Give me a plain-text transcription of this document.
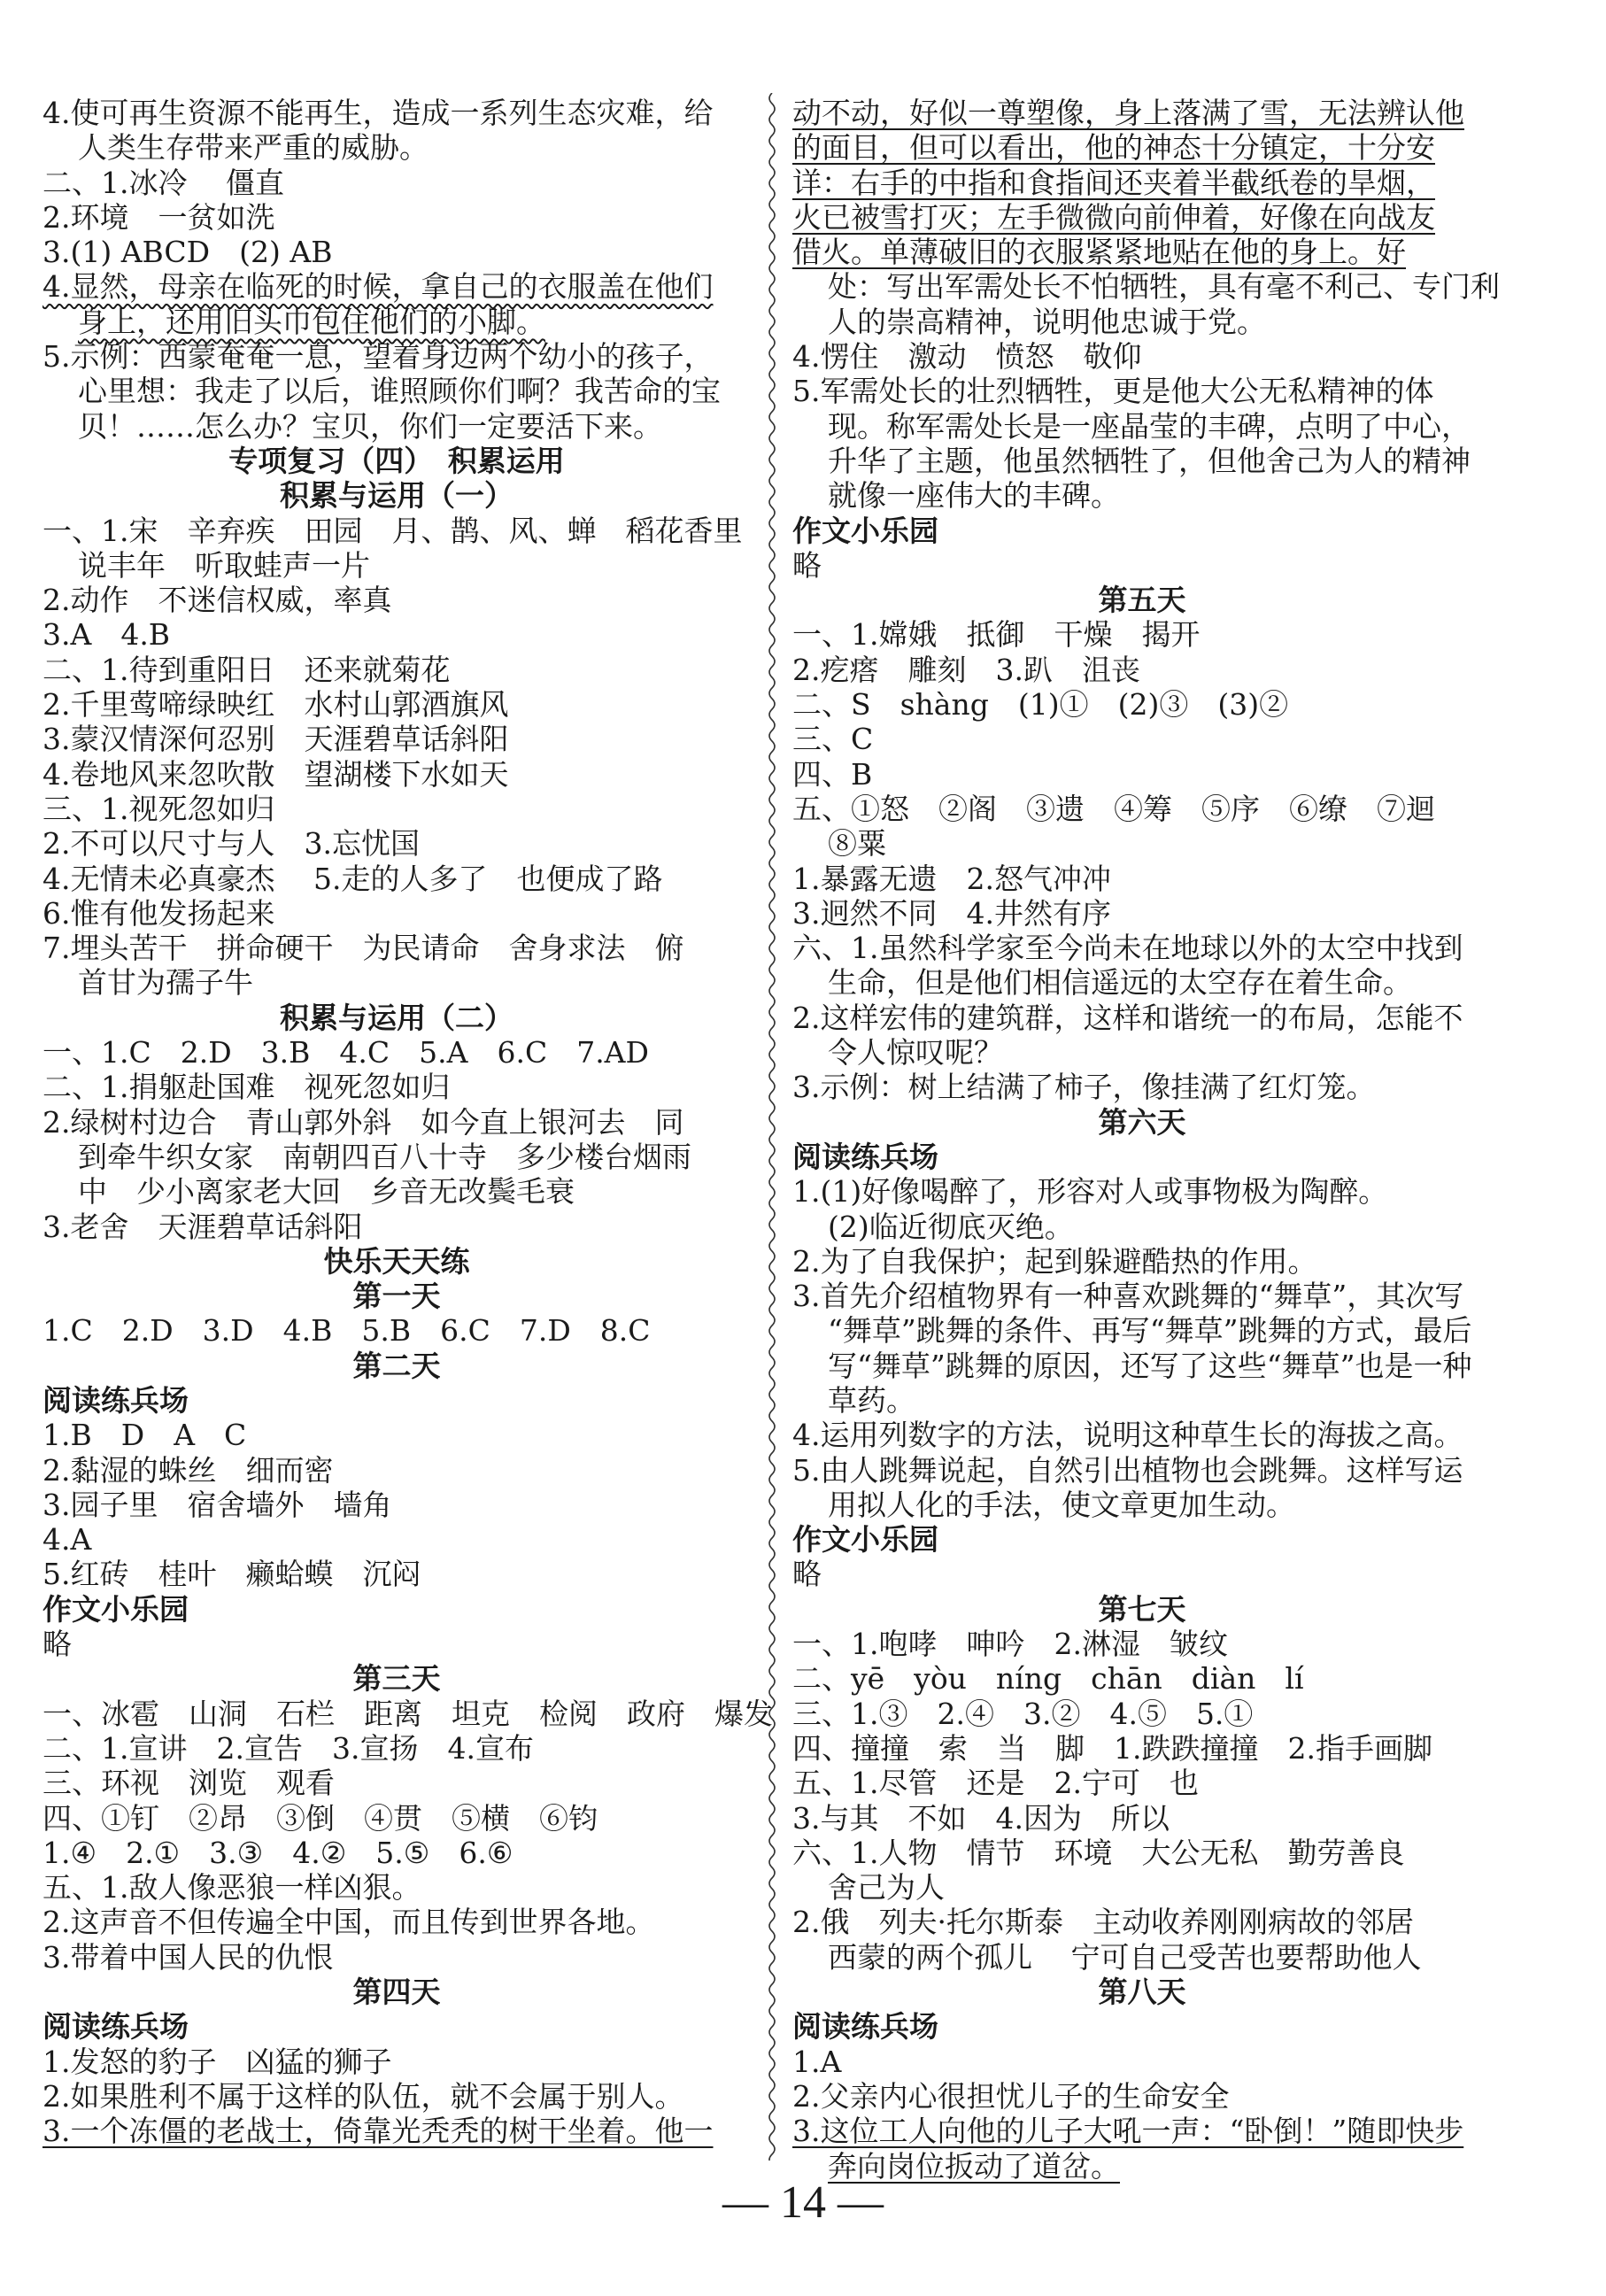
4.使可再生资源不能再生，造成一系列生态灾难，给
人类生存带来严重的威胁。
二、1.冰冷　 僵直
2.环境　一贫如洗
3.(1) ABCD　(2) AB
4.显然，母亲在临死的时候，拿自己的衣服盖在他们
身上，还用旧头巾包住他们的小脚。
5.示例：西蒙奄奄一息，望着身边两个幼小的孩子，
心里想：我走了以后，谁照顾你们啊？我苦命的宝
贝！……怎么办？宝贝，你们一定要活下来。
专项复习（四）　积累运用
积累与运用（一）
一、1.宋　辛弃疾　田园　月、鹊、风、蝉　稻花香里
说丰年　听取蛙声一片
2.动作　不迷信权威，率真
3.A　4.B
二、1.待到重阳日　还来就菊花
2.千里莺啼绿映红　水村山郭酒旗风
3.蒙汉情深何忍别　天涯碧草话斜阳
4.卷地风来忽吹散　望湖楼下水如天
三、1.视死忽如归
2.不可以尺寸与人　3.忘忧国
4.无情未必真豪杰　 5.走的人多了　也便成了路
6.惟有他发扬起来
7.埋头苦干　拼命硬干　为民请命　舍身求法　俯
首甘为孺子牛
积累与运用（二）
一、1.C　2.D　3.B　4.C　5.A　6.C　7.AD
二、1.捐躯赴国难　视死忽如归
2.绿树村边合　青山郭外斜　如今直上银河去　同
到牵牛织女家　南朝四百八十寺　多少楼台烟雨
中　少小离家老大回　乡音无改鬓毛衰
3.老舍　天涯碧草话斜阳
快乐天天练
第一天
1.C　2.D　3.D　4.B　5.B　6.C　7.D　8.C
第二天
阅读练兵场
1.B　D　A　C
2.黏湿的蛛丝　细而密
3.园子里　宿舍墙外　墙角
4.A
5.红砖　桂叶　癞蛤蟆　沉闷
作文小乐园
略
第三天
一、冰雹　山洞　石栏　距离　坦克　检阅　政府　爆发
二、1.宣讲　2.宣告　3.宣扬　4.宣布
三、环视　浏览　观看
四、①钉　②昂　③倒　④贯　⑤横　⑥钧
1.④　2.①　3.③　4.②　5.⑤　6.⑥
五、1.敌人像恶狼一样凶狠。
2.这声音不但传遍全中国，而且传到世界各地。
3.带着中国人民的仇恨
第四天
阅读练兵场
1.发怒的豹子　凶猛的狮子
2.如果胜利不属于这样的队伍，就不会属于别人。
3.一个冻僵的老战士，倚靠光秃秃的树干坐着。他一
动不动，好似一尊塑像，身上落满了雪，无法辨认他
的面目，但可以看出，他的神态十分镇定，十分安
详：右手的中指和食指间还夹着半截纸卷的旱烟，
火已被雪打灭；左手微微向前伸着，好像在向战友
借火。单薄破旧的衣服紧紧地贴在他的身上。好
处：写出军需处长不怕牺牲，具有毫不利己、专门利
人的崇高精神，说明他忠诚于党。
4.愣住　激动　愤怒　敬仰
5.军需处长的壮烈牺牲，更是他大公无私精神的体
现。称军需处长是一座晶莹的丰碑，点明了中心，
升华了主题，他虽然牺牲了，但他舍己为人的精神
就像一座伟大的丰碑。
作文小乐园
略
第五天
一、1.嫦娥　抵御　干燥　揭开
2.疙瘩　雕刻　3.趴　沮丧
二、S　shàng　(1)①　(2)③　(3)②
三、C
四、B
五、①怒　②阁　③遗　④筹　⑤序　⑥缭　⑦迴
⑧粟
1.暴露无遗　2.怒气冲冲
3.迥然不同　4.井然有序
六、1.虽然科学家至今尚未在地球以外的太空中找到
生命，但是他们相信遥远的太空存在着生命。
2.这样宏伟的建筑群，这样和谐统一的布局，怎能不
令人惊叹呢？
3.示例：树上结满了柿子，像挂满了红灯笼。
第六天
阅读练兵场
1.(1)好像喝醉了，形容对人或事物极为陶醉。
(2)临近彻底灭绝。
2.为了自我保护；起到躲避酷热的作用。
3.首先介绍植物界有一种喜欢跳舞的“舞草”，其次写
“舞草”跳舞的条件、再写“舞草”跳舞的方式，最后
写“舞草”跳舞的原因，还写了这些“舞草”也是一种
草药。
4.运用列数字的方法，说明这种草生长的海拔之高。
5.由人跳舞说起，自然引出植物也会跳舞。这样写运
用拟人化的手法，使文章更加生动。
作文小乐园
略
第七天
一、1.咆哮　呻吟　2.淋湿　皱纹
二、yē　yòu　níng　chān　diàn　lí
三、1.③　2.④　3.②　4.⑤　5.①
四、撞撞　索　当　脚　1.跌跌撞撞　2.指手画脚
五、1.尽管　还是　2.宁可　也
3.与其　不如　4.因为　所以
六、1.人物　情节　环境　大公无私　勤劳善良
舍己为人
2.俄　列夫·托尔斯泰　主动收养刚刚病故的邻居
西蒙的两个孤儿　 宁可自己受苦也要帮助他人
第八天
阅读练兵场
1.A
2.父亲内心很担忧儿子的生命安全
3.这位工人向他的儿子大吼一声：“卧倒！”随即快步
奔向岗位扳动了道岔。
— 14 —
